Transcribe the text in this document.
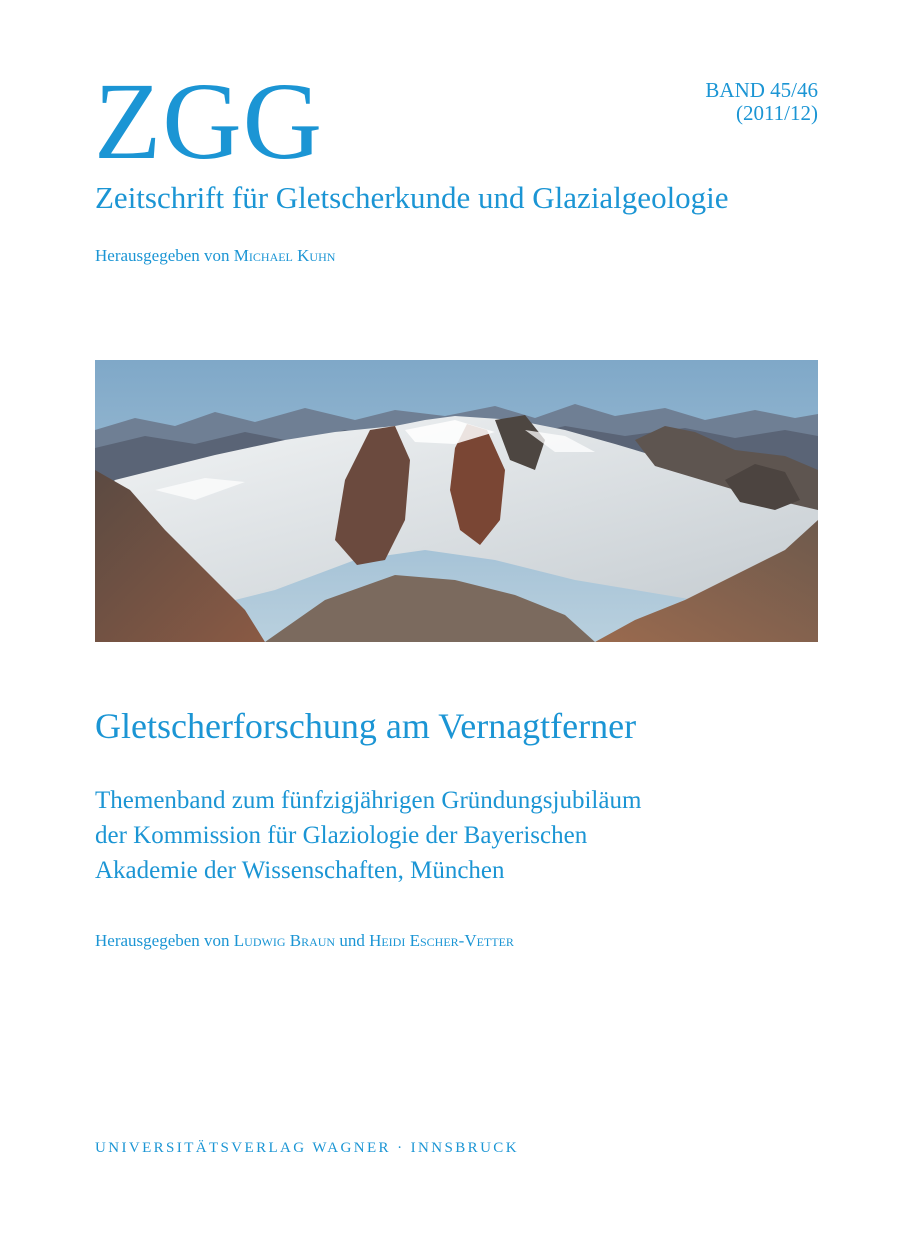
ZGG	BAND 45/46
(2011/12)
Zeitschrift für Gletscherkunde und Glazialgeologie
Herausgegeben von Michael Kuhn
Gletscherforschung am Vernagtferner
Themenband zum fünfzigjährigen Gründungsjubiläum
der Kommission für Glaziologie der Bayerischen
Akademie der Wissenschaften, München
Herausgegeben von Ludwig Braun und Heidi Escher-Vetter
UNIVERSITÄTSVERLAG WAGNER · INNSBRUCK
